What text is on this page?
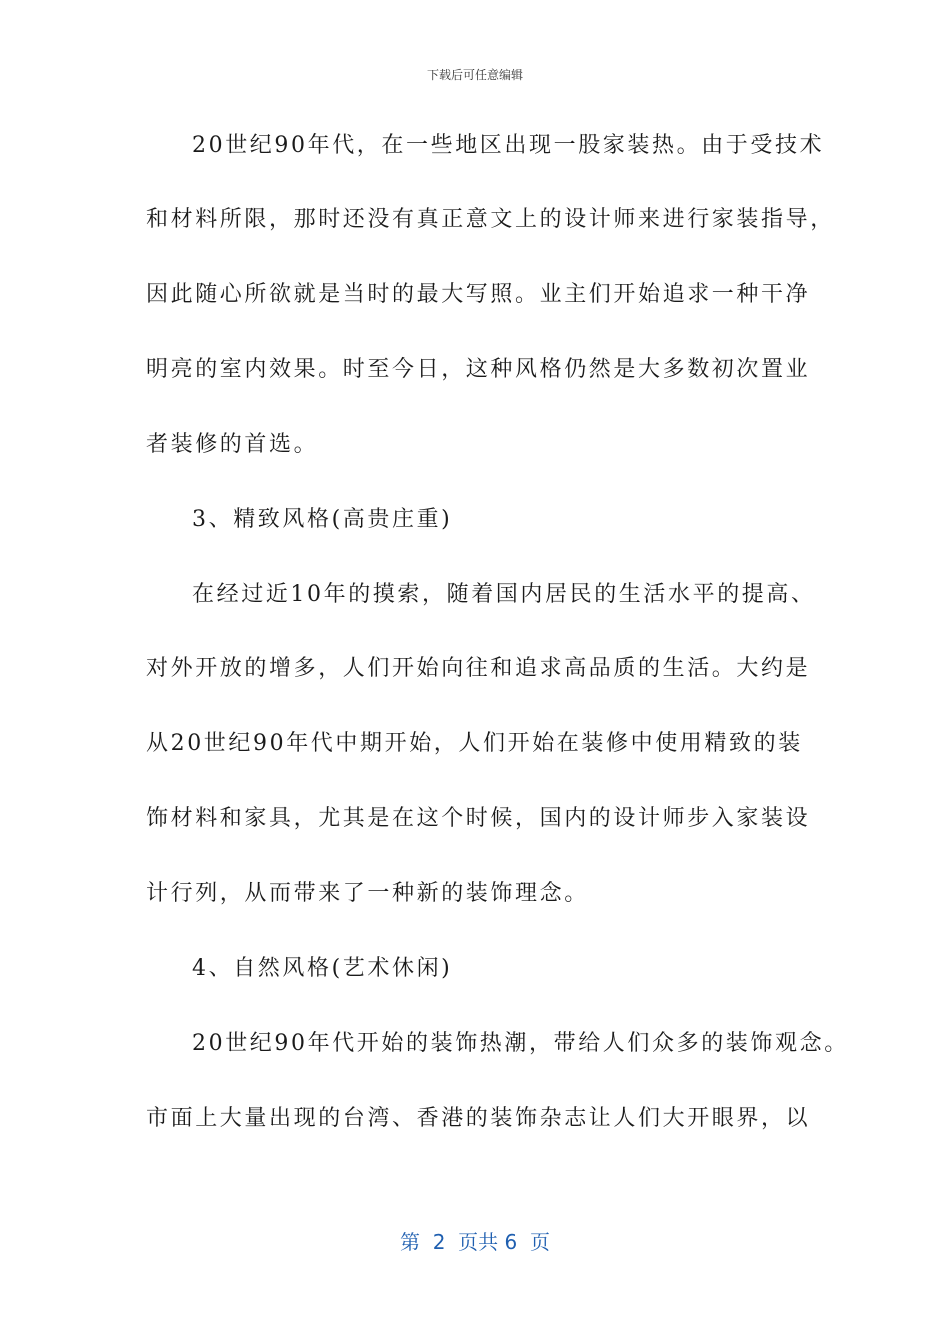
下载后可任意编辑
20世纪90年代，在一些地区出现一股家装热。由于受技术
和材料所限，那时还没有真正意文上的设计师来进行家装指导，
因此随心所欲就是当时的最大写照。业主们开始追求一种干净
明亮的室内效果。时至今日，这种风格仍然是大多数初次置业
者装修的首选。
3、精致风格(高贵庄重)
在经过近10年的摸索，随着国内居民的生活水平的提高、
对外开放的增多，人们开始向往和追求高品质的生活。大约是
从20世纪90年代中期开始，人们开始在装修中使用精致的装
饰材料和家具，尤其是在这个时候，国内的设计师步入家装设
计行列，从而带来了一种新的装饰理念。
4、自然风格(艺术休闲)
20世纪90年代开始的装饰热潮，带给人们众多的装饰观念。
市面上大量出现的台湾、香港的装饰杂志让人们大开眼界，以
第  2  页共 6  页
